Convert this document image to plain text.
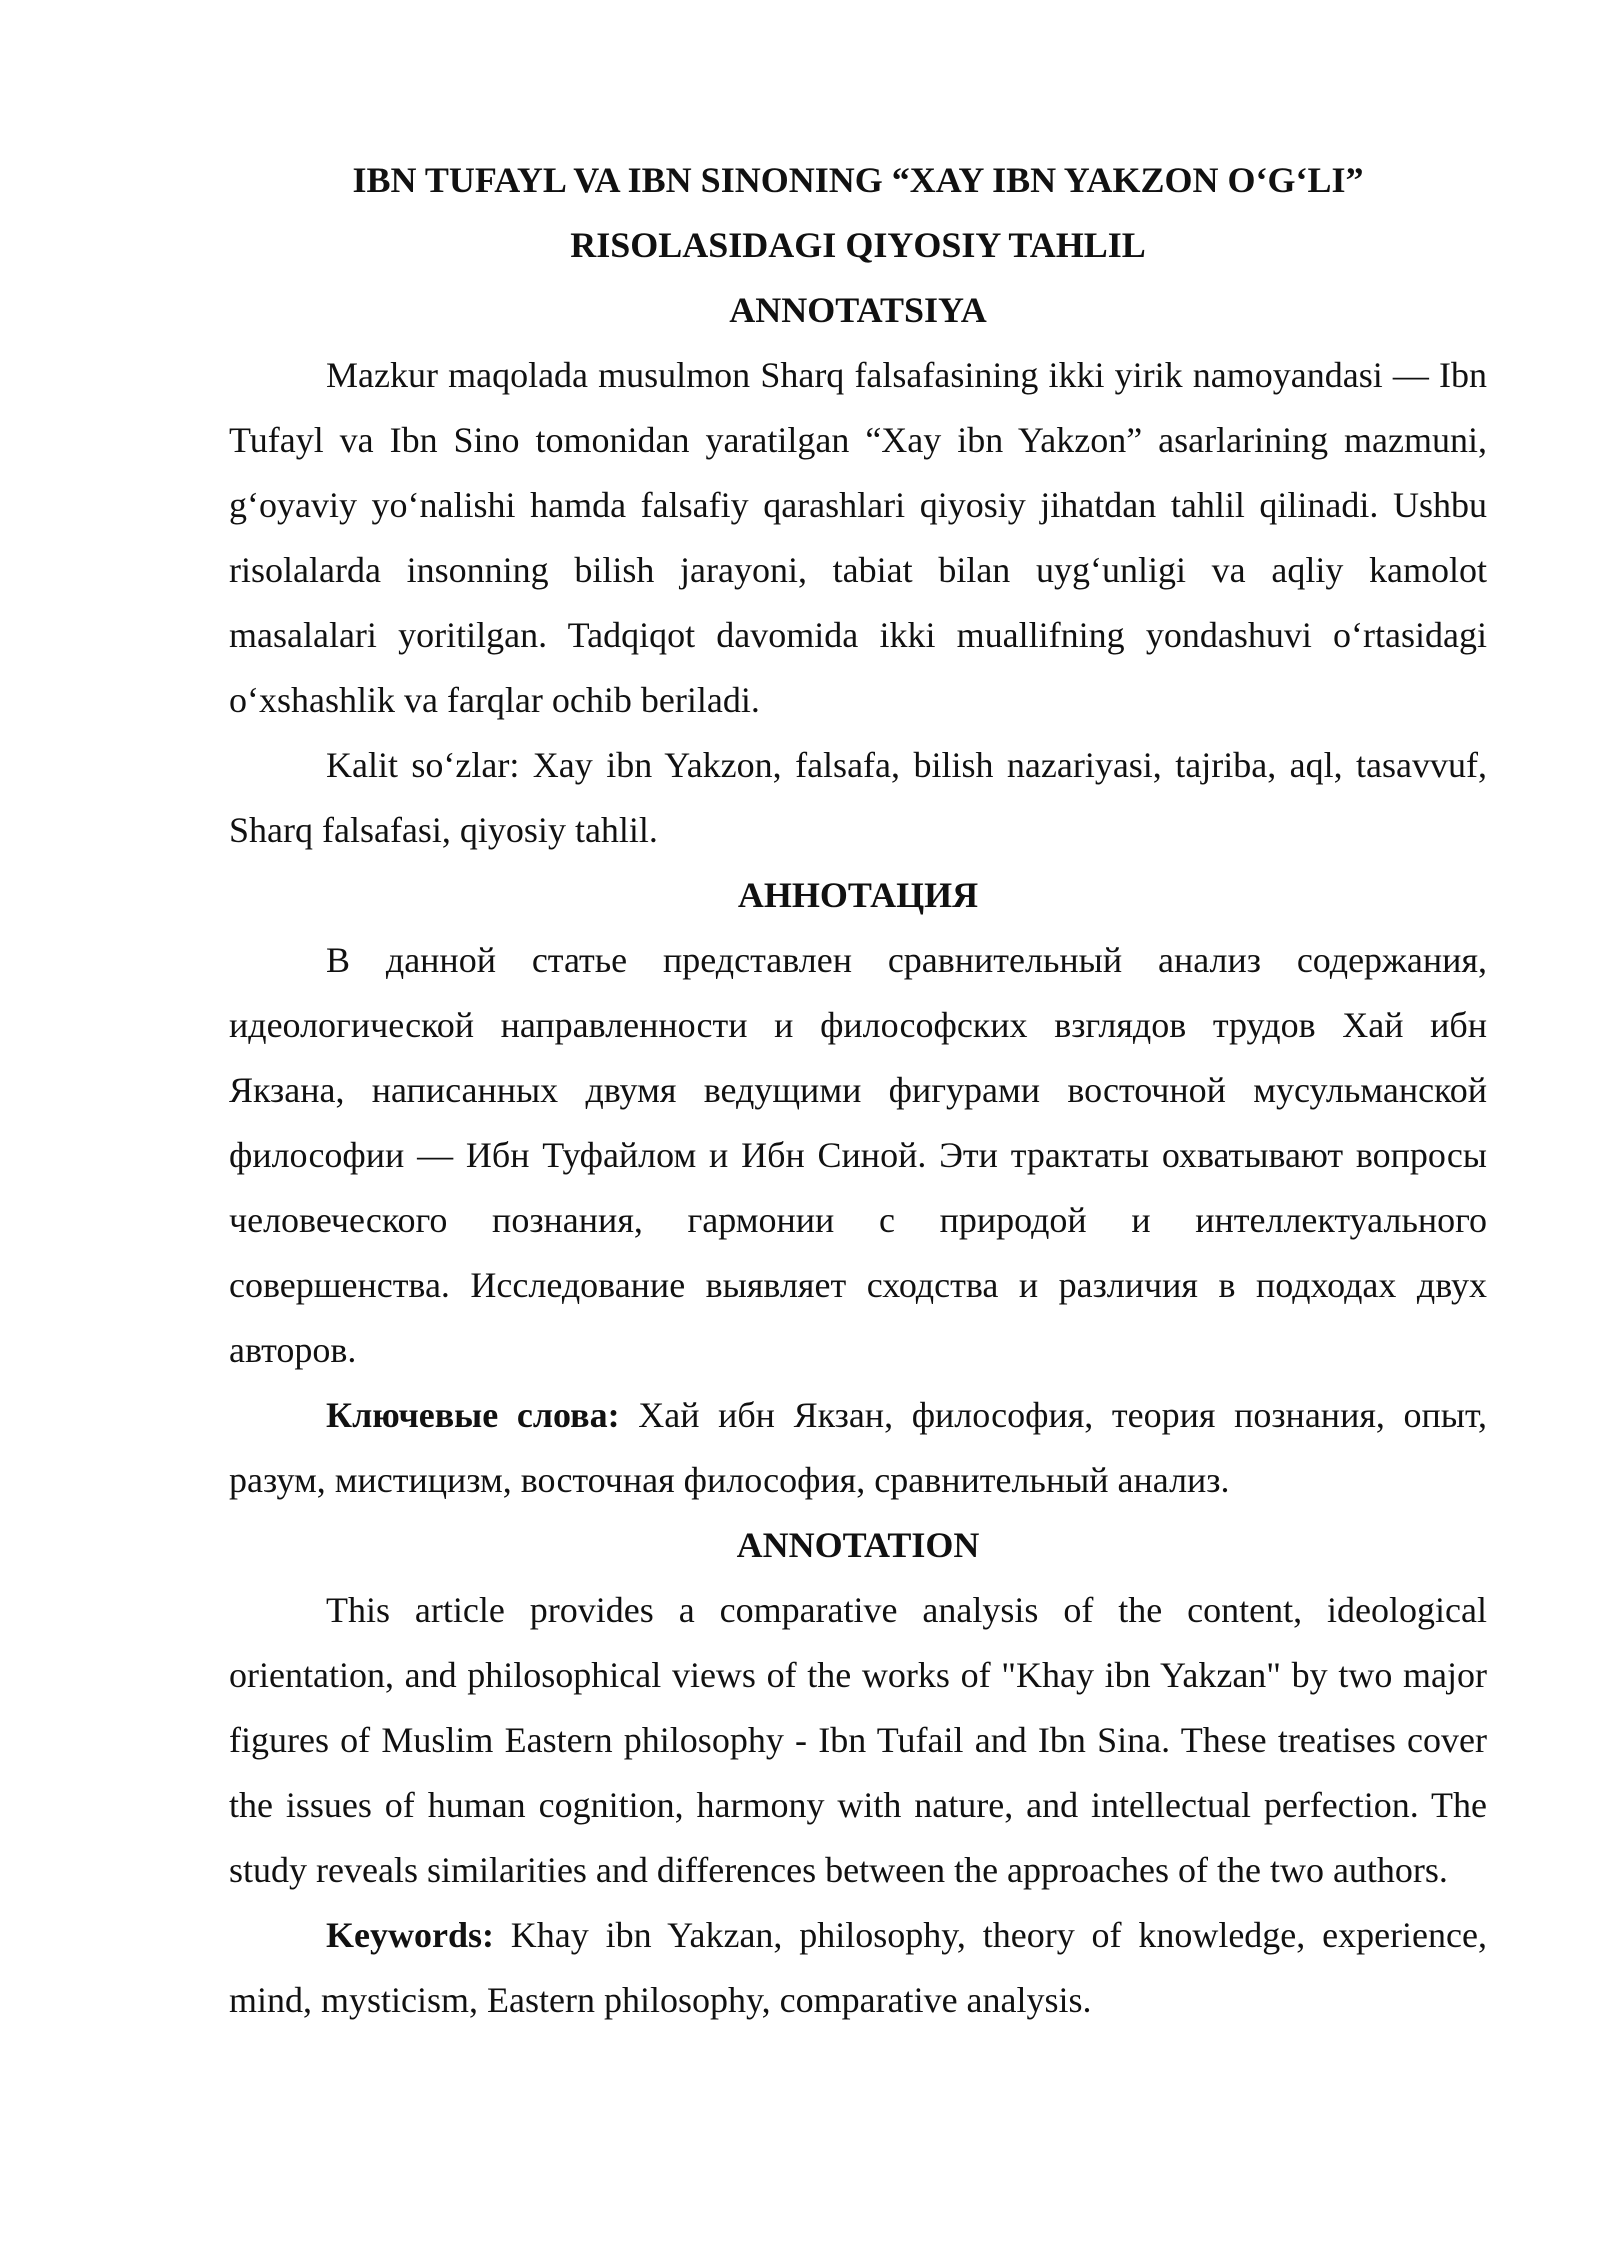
IBN TUFAYL VA IBN SINONING “XAY IBN YAKZON O‘G‘LI”

RISOLASIDAGI QIYOSIY TAHLIL

ANNOTATSIYA

Mazkur maqolada musulmon Sharq falsafasining ikki yirik namoyandasi — Ibn Tufayl va Ibn Sino tomonidan yaratilgan “Xay ibn Yakzon” asarlarining mazmuni, g‘oyaviy yo‘nalishi hamda falsafiy qarashlari qiyosiy jihatdan tahlil qilinadi. Ushbu risolalarda insonning bilish jarayoni, tabiat bilan uyg‘unligi va aqliy kamolot masalalari yoritilgan. Tadqiqot davomida ikki muallifning yondashuvi o‘rtasidagi o‘xshashlik va farqlar ochib beriladi.

Kalit so‘zlar: Xay ibn Yakzon, falsafa, bilish nazariyasi, tajriba, aql, tasavvuf, Sharq falsafasi, qiyosiy tahlil.

АННОТАЦИЯ

В данной статье представлен сравнительный анализ содержания, идеологической направленности и философских взглядов трудов Хай ибн Якзана, написанных двумя ведущими фигурами восточной мусульманской философии — Ибн Туфайлом и Ибн Синой. Эти трактаты охватывают вопросы человеческого познания, гармонии с природой и интеллектуального совершенства. Исследование выявляет сходства и различия в подходах двух авторов.

Ключевые слова: Хай ибн Якзан, философия, теория познания, опыт, разум, мистицизм, восточная философия, сравнительный анализ.

ANNOTATION

This article provides a comparative analysis of the content, ideological orientation, and philosophical views of the works of "Khay ibn Yakzan" by two major figures of Muslim Eastern philosophy - Ibn Tufail and Ibn Sina. These treatises cover the issues of human cognition, harmony with nature, and intellectual perfection. The study reveals similarities and differences between the approaches of the two authors.

Keywords: Khay ibn Yakzan, philosophy, theory of knowledge, experience, mind, mysticism, Eastern philosophy, comparative analysis.
